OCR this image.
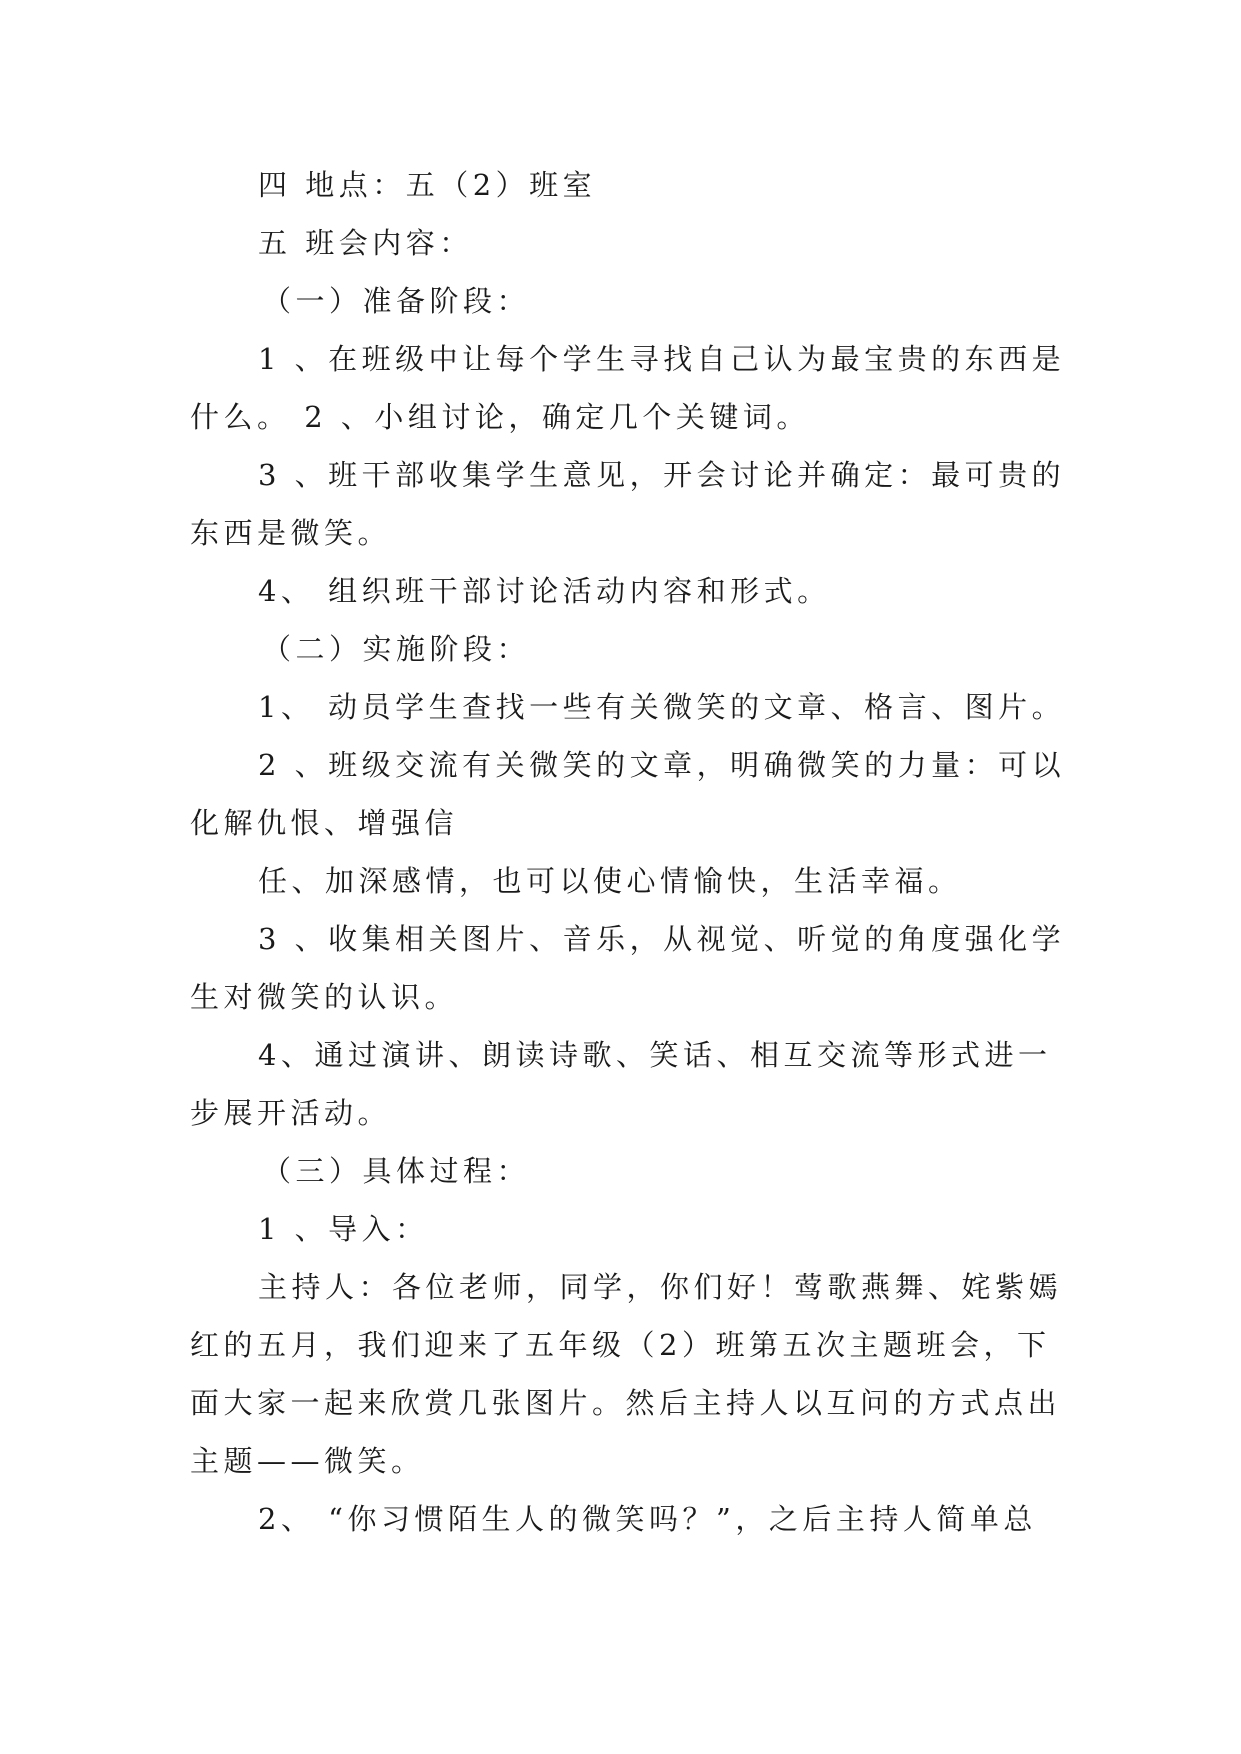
四 地点：五（2）班室
五 班会内容：
（一）准备阶段：
1 、在班级中让每个学生寻找自己认为最宝贵的东西是
什么。 2 、小组讨论，确定几个关键词。
3 、班干部收集学生意见，开会讨论并确定：最可贵的
东西是微笑。
4、 组织班干部讨论活动内容和形式。
（二）实施阶段：
1、 动员学生查找一些有关微笑的文章、格言、图片。
2 、班级交流有关微笑的文章，明确微笑的力量：可以
化解仇恨、增强信
任、加深感情，也可以使心情愉快，生活幸福。
3 、收集相关图片、音乐，从视觉、听觉的角度强化学
生对微笑的认识。
4、通过演讲、朗读诗歌、笑话、相互交流等形式进一
步展开活动。
（三）具体过程：
1 、导入：
主持人：各位老师，同学，你们好！莺歌燕舞、姹紫嫣
红的五月，我们迎来了五年级（2）班第五次主题班会，下
面大家一起来欣赏几张图片。然后主持人以互问的方式点出
主题——微笑。
2、 “你习惯陌生人的微笑吗？”，之后主持人简单总
